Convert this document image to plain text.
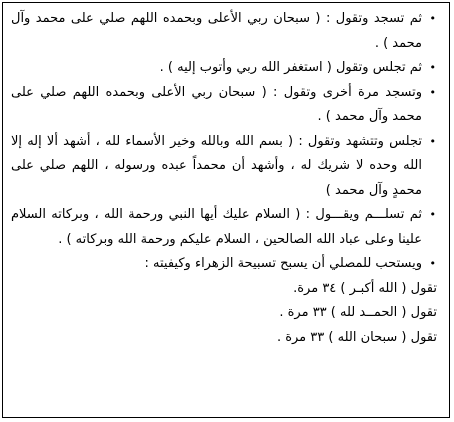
•
ثم تسجد وتقول : ( سبحان ربي الأعلى وبحمده اللهم صلي على محمد وآل محمد ) .
•
ثم تجلس وتقول ( استغفر الله ربي وأتوب إليه ) .
•
وتسجد مرة أخرى وتقول : ( سبحان ربي الأعلى وبحمده اللهم صلي على محمد وآل محمد ) .
•
تجلس وتتشهد وتقول : ( بسم الله وبالله وخير الأسماء لله ، أشهد ألا إله إلا الله وحده لا شريك له ، وأشهد أن محمداً عبده ورسوله ، اللهم صلي على محمدٍ وآل محمد )
•
ثم تسلـــم ويقـــول : ( السلام عليك أيها النبي ورحمة الله ، وبركاته السلام علينا وعلى عباد الله الصالحين ، السلام عليكم ورحمة الله وبركاته ) .
•
ويستحب للمصلي أن يسبح تسبيحة الزهراء وكيفيته :
تقول ( الله أكبـر ) ٣٤ مرة.
تقول ( الحمــد لله ) ٣٣ مرة .
تقول ( سبحان الله ) ٣٣ مرة .
